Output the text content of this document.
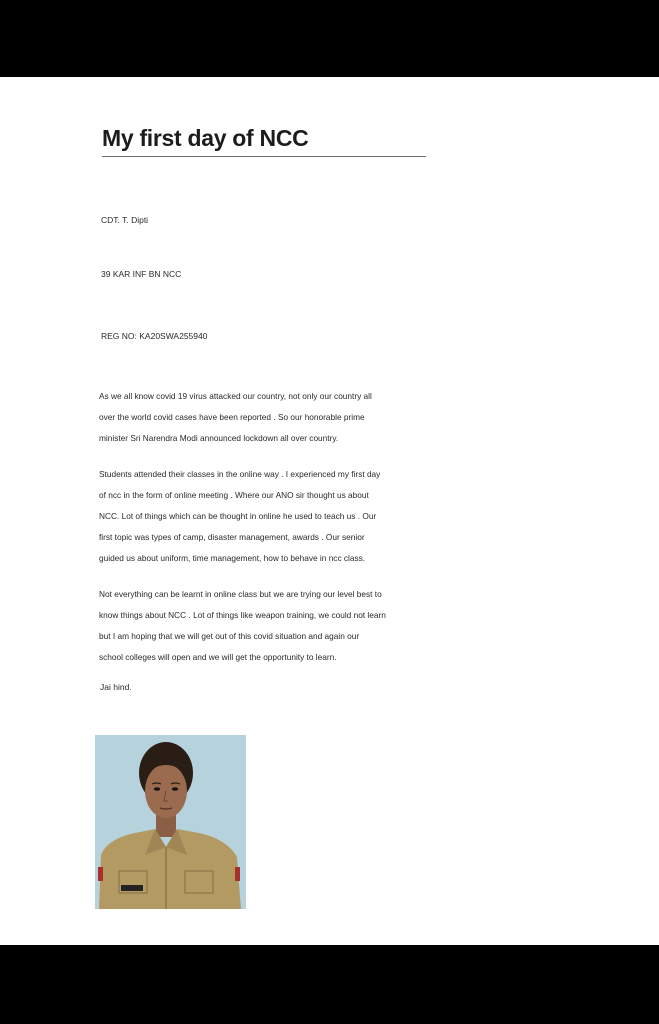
My first day of NCC
CDT. T. Dipti
39 KAR INF BN NCC
REG NO: KA20SWA255940

As we all know covid 19 virus attacked our country, not only our country all
over the world covid cases have been reported . So our honorable prime
minister Sri Narendra Modi announced lockdown all over country.

Students attended their classes in the online way . I experienced my first day
of ncc in the form of online meeting . Where our ANO sir thought us about
NCC. Lot of things which can be thought in online he used to teach us . Our
first topic was types of camp, disaster management, awards . Our senior
guided us about uniform, time management, how to behave in ncc class.

Not everything can be learnt in online class but we are trying our level best to
know things about NCC . Lot of things like weapon training, we could not learn
but I am hoping that we will get out of this covid situation and again our
school colleges will open and we will get the opportunity to learn.

Jai hind.
